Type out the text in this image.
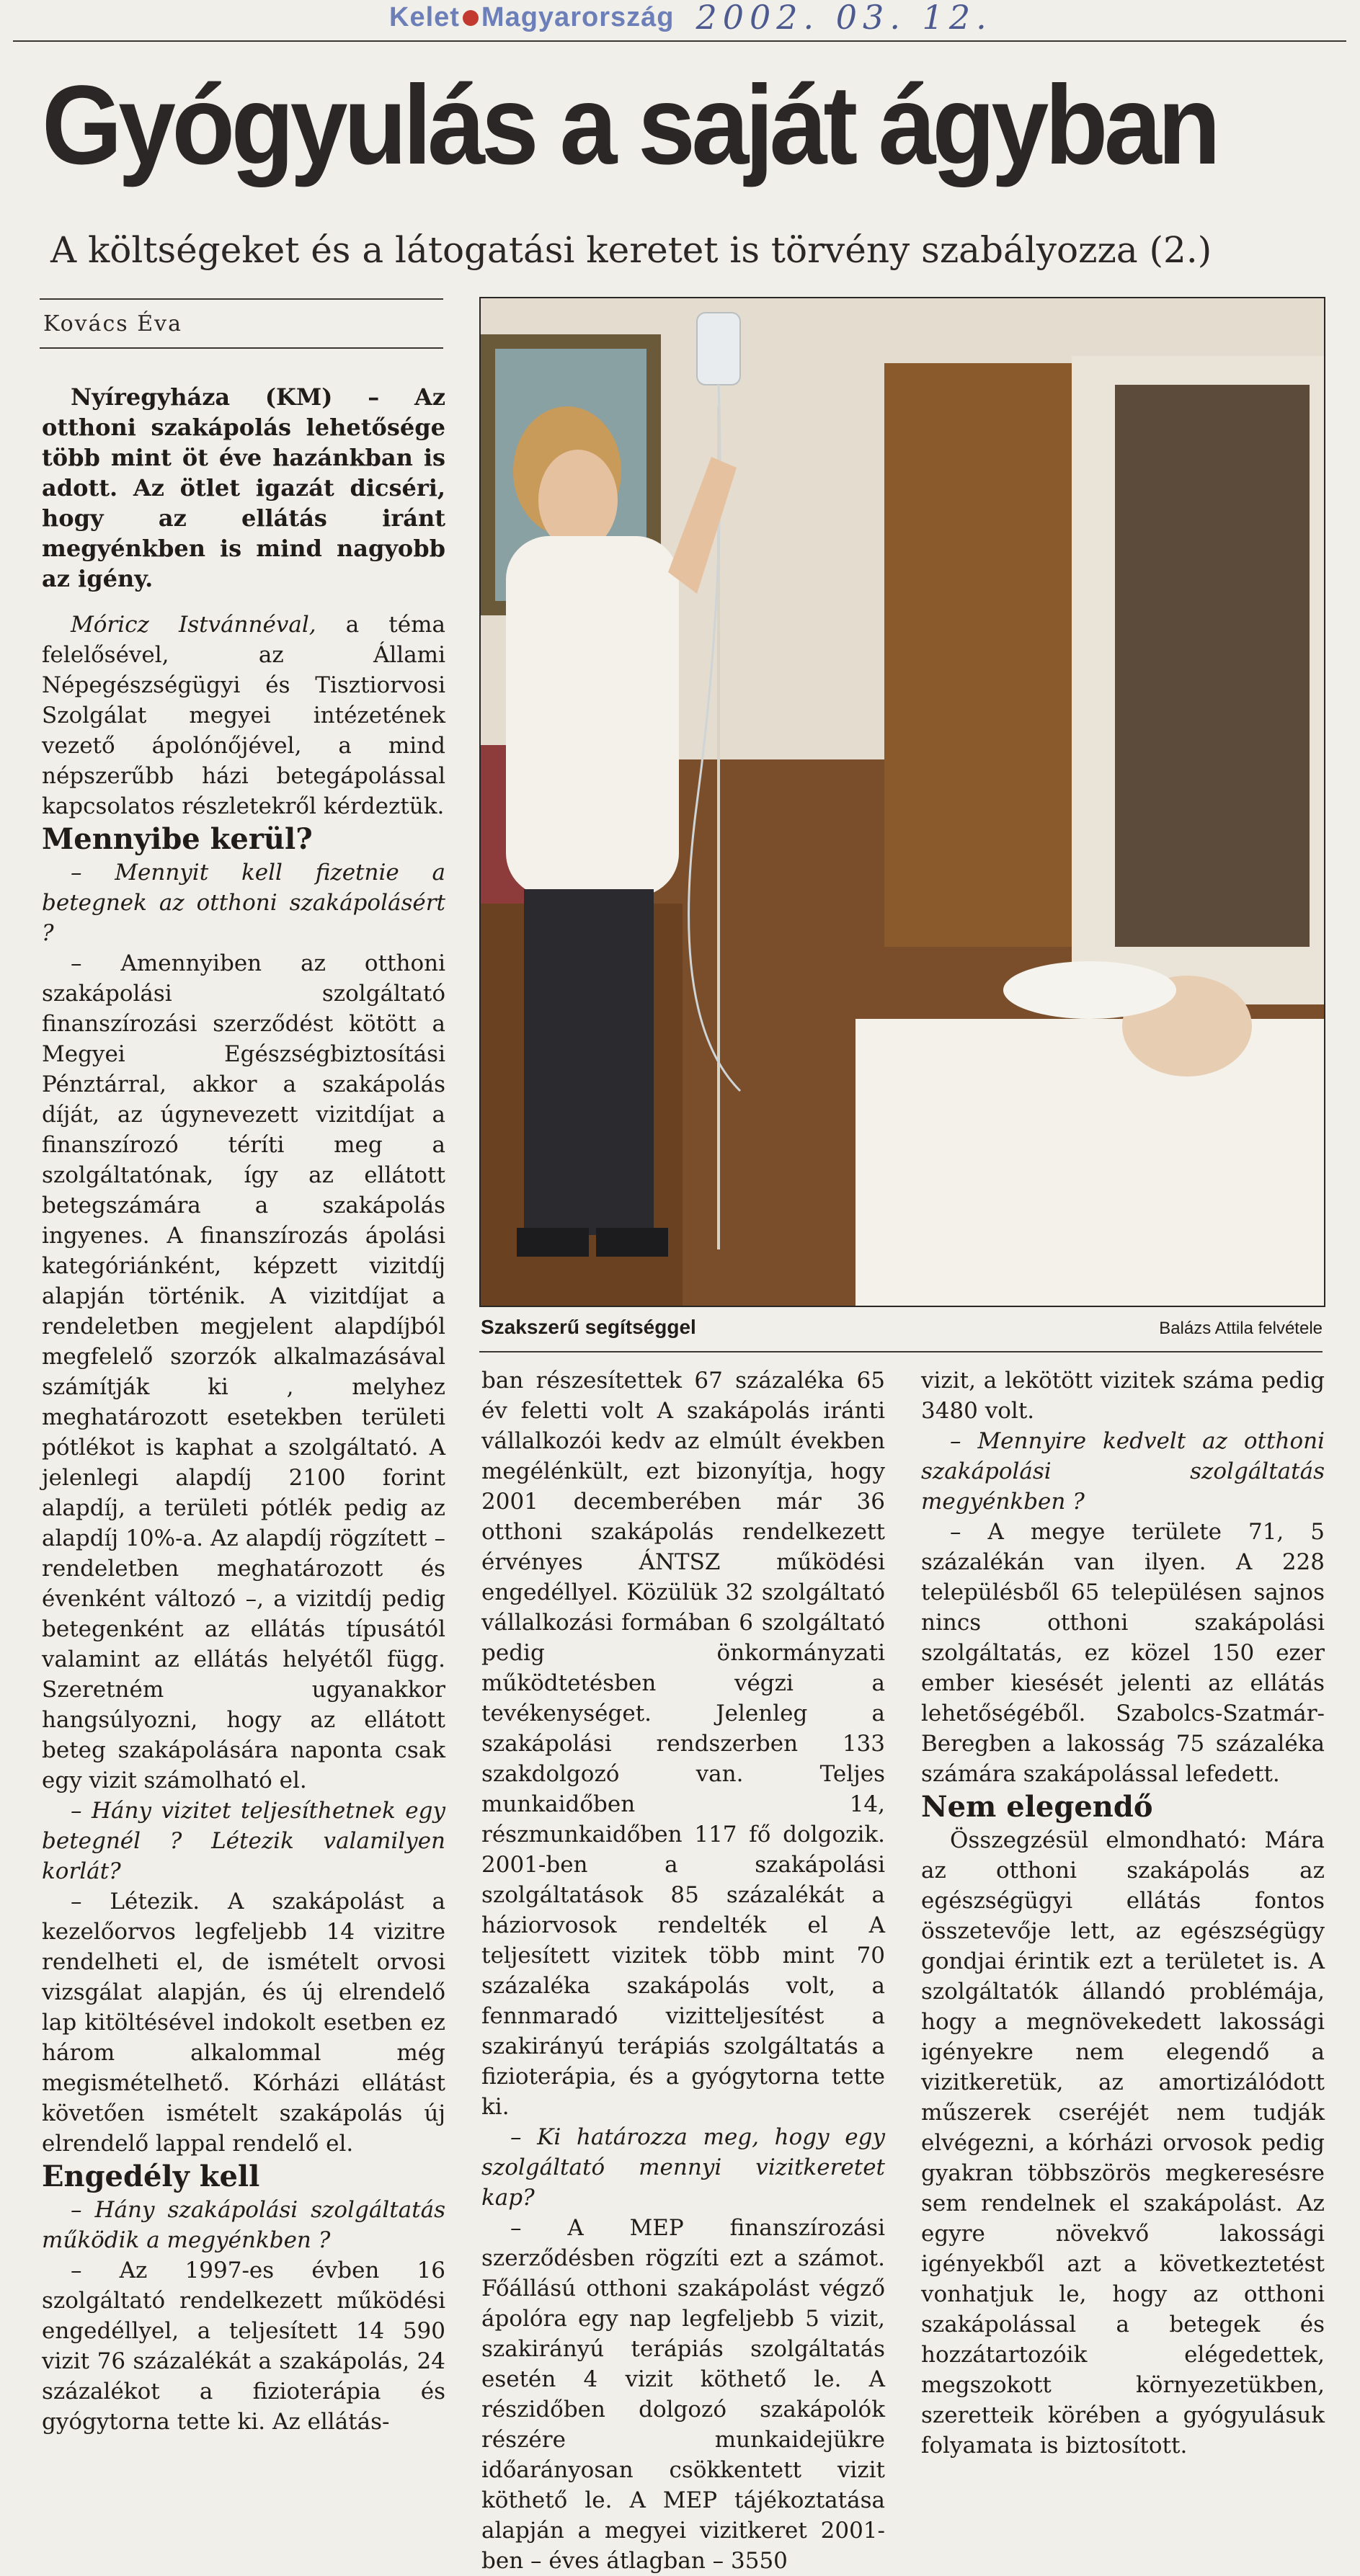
Kelet Magyarország 2002. 03. 12.
Gyógyulás a saját ágyban
A költségeket és a látogatási keretet is törvény szabályozza (2.)
Kovács Éva

Nyíregyháza (KM) – Az otthoni szakápolás lehetősége több mint öt éve hazánkban is adott. Az ötlet igazát dicséri, hogy az ellátás iránt megyénkben is mind nagyobb az igény.

Móricz Istvánnéval, a téma felelősével, az Állami Népegészségügyi és Tisztiorvosi Szolgálat megyei intézetének vezető ápolónőjével, a mind népszerűbb házi betegápolással kapcsolatos részletekről kérdeztük.

Mennyibe kerül?

– Mennyit kell fizetnie a betegnek az otthoni szakápolásért ?

– Amennyiben az otthoni szakápolási szolgáltató finanszírozási szerződést kötött a Megyei Egészségbiztosítási Pénztárral, akkor a szakápolás díját, az úgynevezett vizitdíjat a finanszírozó téríti meg a szolgáltatónak, így az ellátott betegszámára a szakápolás ingyenes. A finanszírozás ápolási kategóriánként, képzett vizitdíj alapján történik. A vizitdíjat a rendeletben megjelent alapdíjból megfelelő szorzók alkalmazásával számítják ki , melyhez meghatározott esetekben területi pótlékot is kaphat a szolgáltató. A jelenlegi alapdíj 2100 forint alapdíj, a területi pótlék pedig az alapdíj 10%-a. Az alapdíj rögzített – rendeletben meghatározott és évenként változó –, a vizitdíj pedig betegenként az ellátás típusától valamint az ellátás helyétől függ. Szeretném ugyanakkor hangsúlyozni, hogy az ellátott beteg szakápolására naponta csak egy vizit számolható el.

– Hány vizitet teljesíthetnek egy betegnél ? Létezik valamilyen korlát?

– Létezik. A szakápolást a kezelőorvos legfeljebb 14 vizitre rendelheti el, de ismételt orvosi vizsgálat alapján, és új elrendelő lap kitöltésével indokolt esetben ez három alkalommal még megismételhető. Kórházi ellátást követően ismételt szakápolás új elrendelő lappal rendelő el.

Engedély kell

– Hány szakápolási szolgáltatás működik a megyénkben ?

– Az 1997-es évben 16 szolgáltató rendelkezett működési engedéllyel, a teljesített 14 590 vizit 76 százalékát a szakápolás, 24 százalékot a fizioterápia és gyógytorna tette ki. Az ellátás-

Szakszerű segítséggel	Balázs Attila felvétele

ban részesítettek 67 százaléka 65 év feletti volt A szakápolás iránti vállalkozói kedv az elmúlt években megélénkült, ezt bizonyítja, hogy 2001 decemberében már 36 otthoni szakápolás rendelkezett érvényes ÁNTSZ működési engedéllyel. Közülük 32 szolgáltató vállalkozási formában 6 szolgáltató pedig önkormányzati működtetésben végzi a tevékenységet. Jelenleg a szakápolási rendszerben 133 szakdolgozó van. Teljes munkaidőben 14, részmunkaidőben 117 fő dolgozik. 2001-ben a szakápolási szolgáltatások 85 százalékát a háziorvosok rendelték el A teljesített vizitek több mint 70 százaléka szakápolás volt, a fennmaradó vizitteljesítést a szakirányú terápiás szolgáltatás a fizioterápia, és a gyógytorna tette ki.

– Ki határozza meg, hogy egy szolgáltató mennyi vizitkeretet kap?

– A MEP finanszírozási szerződésben rögzíti ezt a számot. Főállású otthoni szakápolást végző ápolóra egy nap legfeljebb 5 vizit, szakirányú terápiás szolgáltatás esetén 4 vizit köthető le. A részidőben dolgozó szakápolók részére munkaidejükre időarányosan csökkentett vizit köthető le. A MEP tájékoztatása alapján a megyei vizitkeret 2001-ben – éves átlagban – 3550

vizit, a lekötött vizitek száma pedig 3480 volt.

– Mennyire kedvelt az otthoni szakápolási szolgáltatás megyénkben ?

– A megye területe 71, 5 százalékán van ilyen. A 228 településből 65 településen sajnos nincs otthoni szakápolási szolgáltatás, ez közel 150 ezer ember kiesését jelenti az ellátás lehetőségéből. Szabolcs-Szatmár-Beregben a lakosság 75 százaléka számára szakápolással lefedett.

Nem elegendő

Összegzésül elmondható: Mára az otthoni szakápolás az egészségügyi ellátás fontos összetevője lett, az egészségügy gondjai érintik ezt a területet is. A szolgáltatók állandó problémája, hogy a megnövekedett lakossági igényekre nem elegendő a vizitkeretük, az amortizálódott műszerek cseréjét nem tudják elvégezni, a kórházi orvosok pedig gyakran többszörös megkeresésre sem rendelnek el szakápolást. Az egyre növekvő lakossági igényekből azt a következtetést vonhatjuk le, hogy az otthoni szakápolással a betegek és hozzátartozóik elégedettek, megszokott környezetükben, szeretteik körében a gyógyulásuk folyamata is biztosított.
